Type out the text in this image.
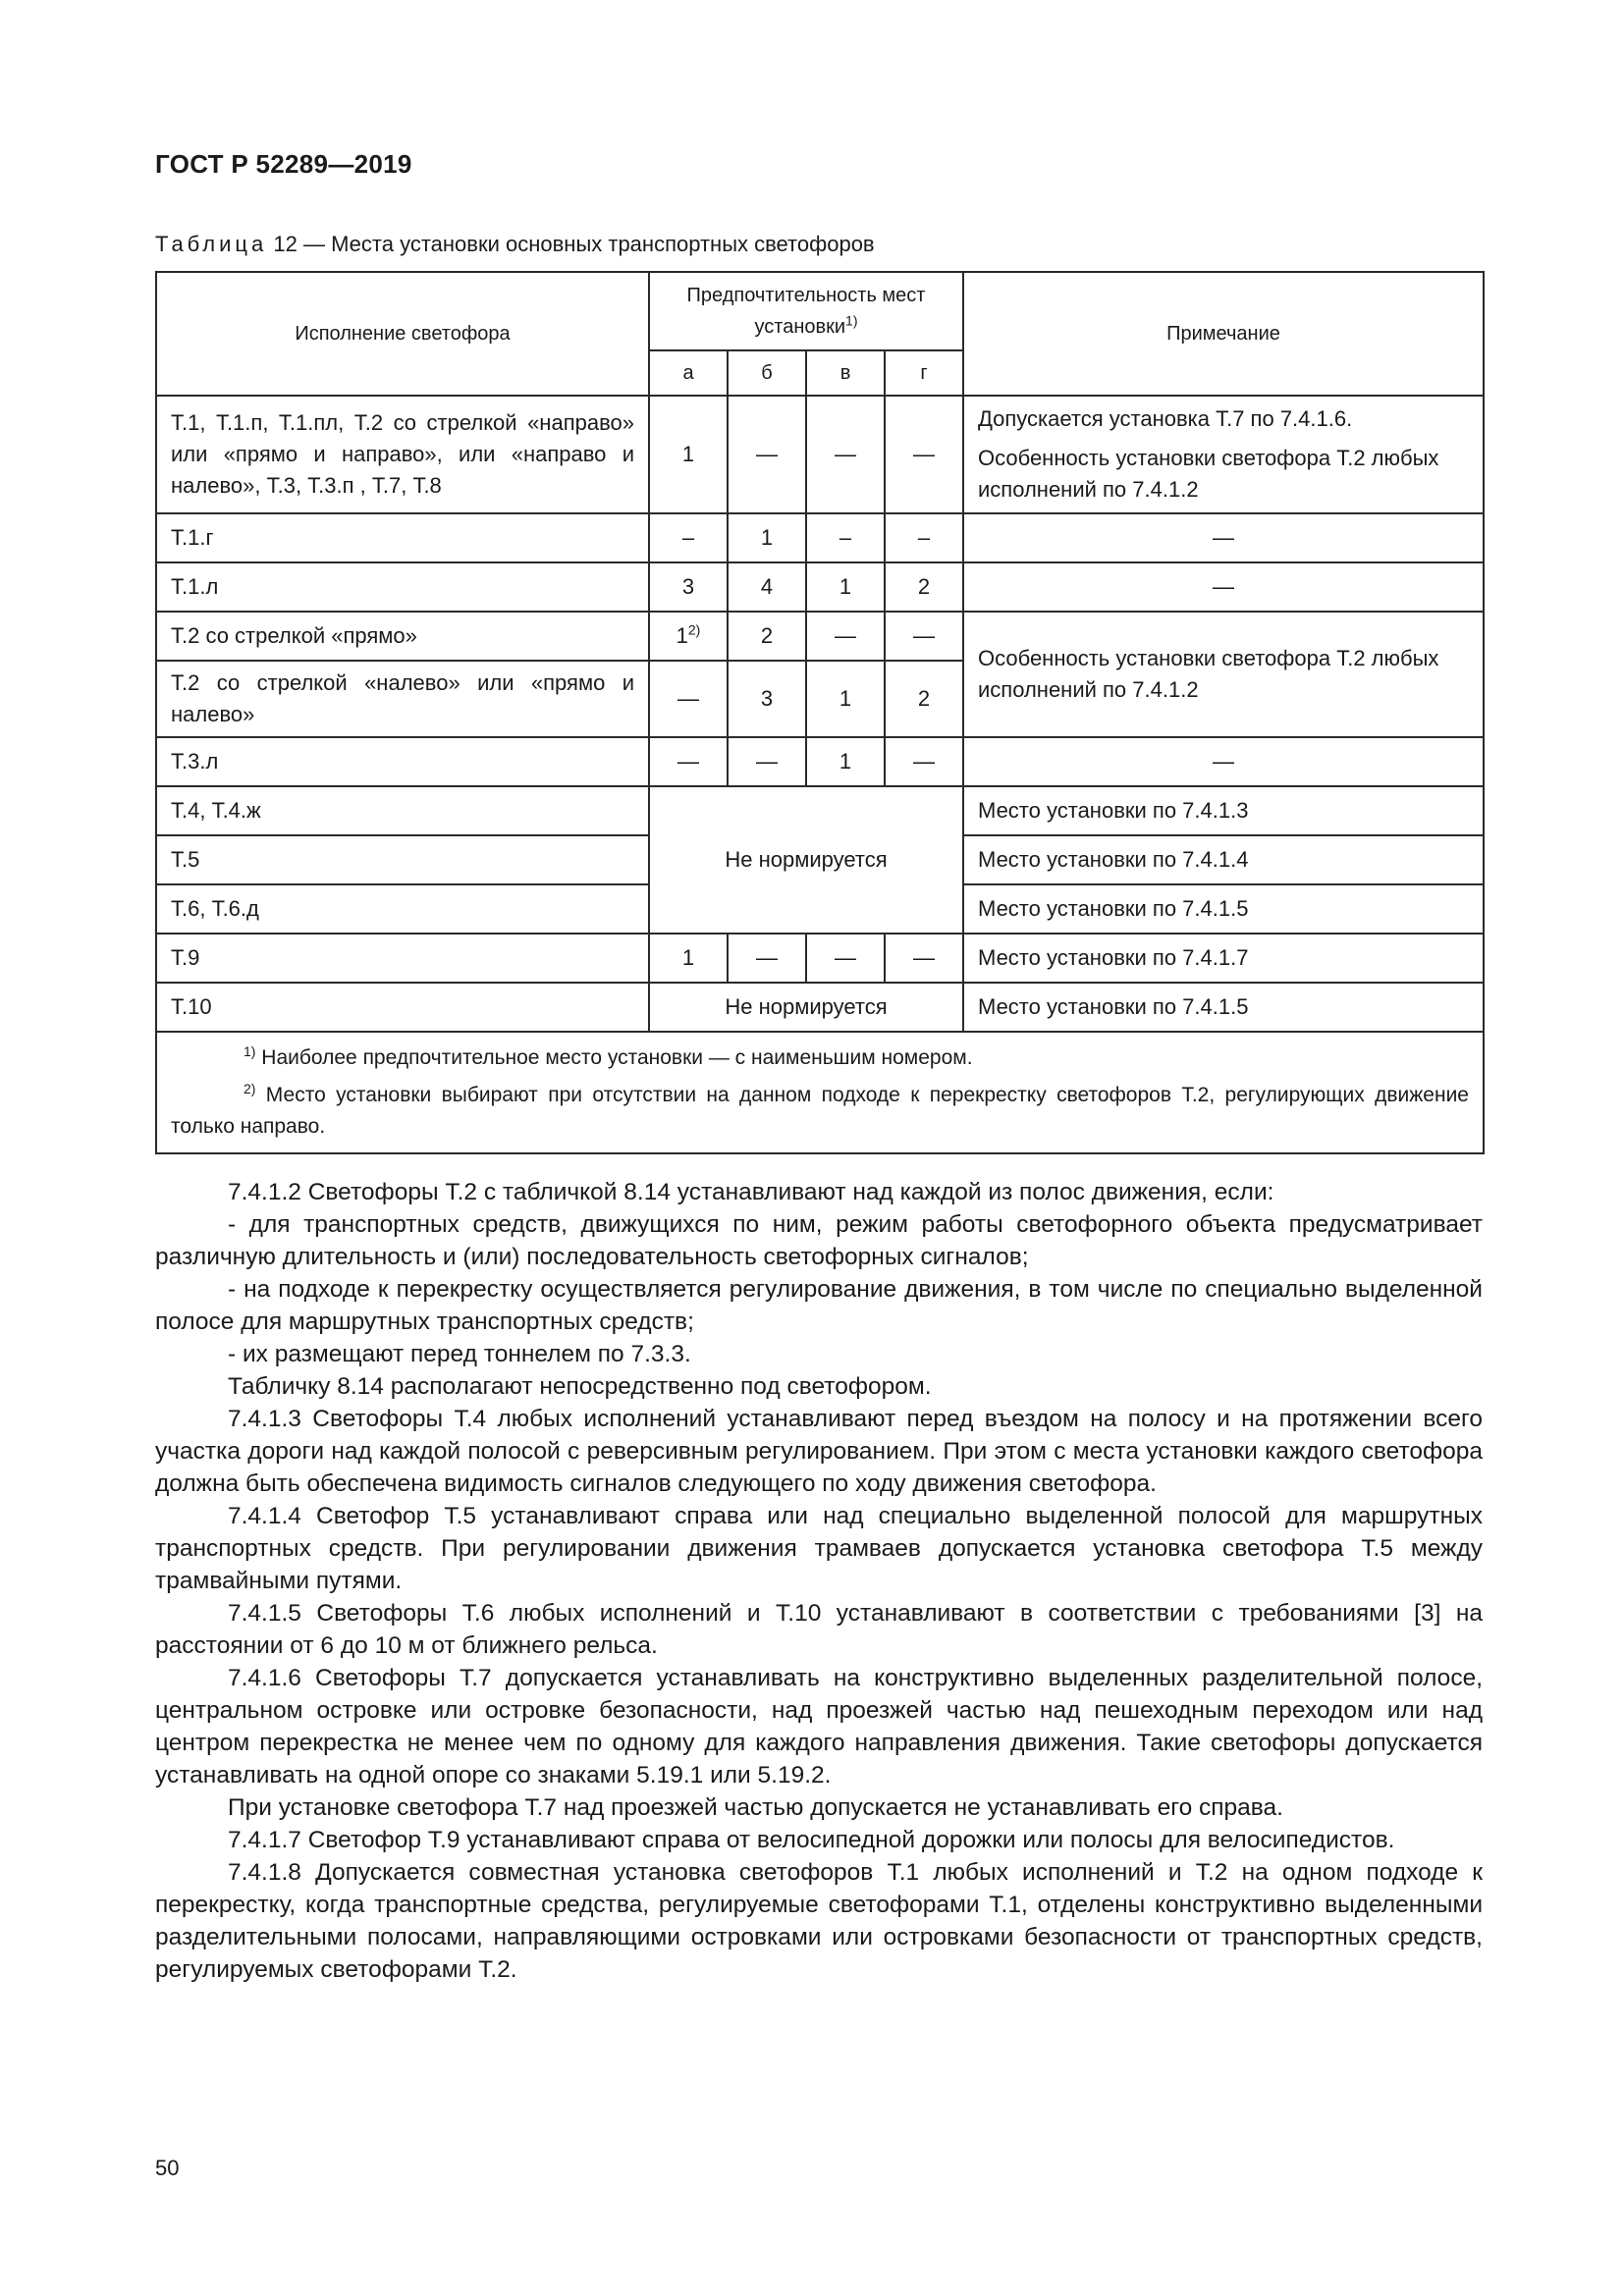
ГОСТ Р 52289—2019
Таблица 12 — Места установки основных транспортных светофоров
Исполнение светофора	Предпочтительность мест установки$^{1)}$				Примечание
	а	б	в	г	
Т.1, Т.1.п, Т.1.пл, Т.2 со стрелкой «направо» или «прямо и направо», или «направо и налево», Т.3, Т.3.п , Т.7, Т.8	1	—	—	—	Допускается установка Т.7 по 7.4.1.6.

Особенность установки светофора Т.2 любых исполнений по 7.4.1.2

Т.1.г	–	1	–	–	—
Т.1.л	3	4	1	2	—
Т.2 со стрелкой «прямо»	1$^{2)}$	2	—	—	Особенность установки светофора Т.2 любых исполнений по 7.4.1.2
Т.2 со стрелкой «налево» или «прямо и налево»	—	3	1	2	
Т.3.л	—	—	1	—	—
Т.4, Т.4.ж	Не нормируется				Место установки по 7.4.1.3
Т.5					Место установки по 7.4.1.4
Т.6, Т.6.д					Место установки по 7.4.1.5
Т.9	1	—	—	—	Место установки по 7.4.1.7
Т.10	Не нормируется				Место установки по 7.4.1.5

$^{1)}$ Наиболее предпочтительное место установки — с наименьшим номером.

$^{2)}$ Место установки выбирают при отсутствии на данном подходе к перекрестку светофоров Т.2, регулирующих движение только направо.					

7.4.1.2 Светофоры Т.2 с табличкой 8.14 устанавливают над каждой из полос движения, если:

- для транспортных средств, движущихся по ним, режим работы светофорного объекта предусматривает различную длительность и (или) последовательность светофорных сигналов;

- на подходе к перекрестку осуществляется регулирование движения, в том числе по специально выделенной полосе для маршрутных транспортных средств;

- их размещают перед тоннелем по 7.3.3.

Табличку 8.14 располагают непосредственно под светофором.

7.4.1.3 Светофоры Т.4 любых исполнений устанавливают перед въездом на полосу и на протяжении всего участка дороги над каждой полосой с реверсивным регулированием. При этом с места установки каждого светофора должна быть обеспечена видимость сигналов следующего по ходу движения светофора.

7.4.1.4 Светофор Т.5 устанавливают справа или над специально выделенной полосой для маршрутных транспортных средств. При регулировании движения трамваев допускается установка светофора Т.5 между трамвайными путями.

7.4.1.5 Светофоры Т.6 любых исполнений и Т.10 устанавливают в соответствии с требованиями [3] на расстоянии от 6 до 10 м от ближнего рельса.

7.4.1.6 Светофоры Т.7 допускается устанавливать на конструктивно выделенных разделительной полосе, центральном островке или островке безопасности, над проезжей частью над пешеходным переходом или над центром перекрестка не менее чем по одному для каждого направления движения. Такие светофоры допускается устанавливать на одной опоре со знаками 5.19.1 или 5.19.2.

При установке светофора Т.7 над проезжей частью допускается не устанавливать его справа.

7.4.1.7 Светофор Т.9 устанавливают справа от велосипедной дорожки или полосы для велосипедистов.

7.4.1.8 Допускается совместная установка светофоров Т.1 любых исполнений и Т.2 на одном подходе к перекрестку, когда транспортные средства, регулируемые светофорами Т.1, отделены конструктивно выделенными разделительными полосами, направляющими островками или островками безопасности от транспортных средств, регулируемых светофорами Т.2.

50
